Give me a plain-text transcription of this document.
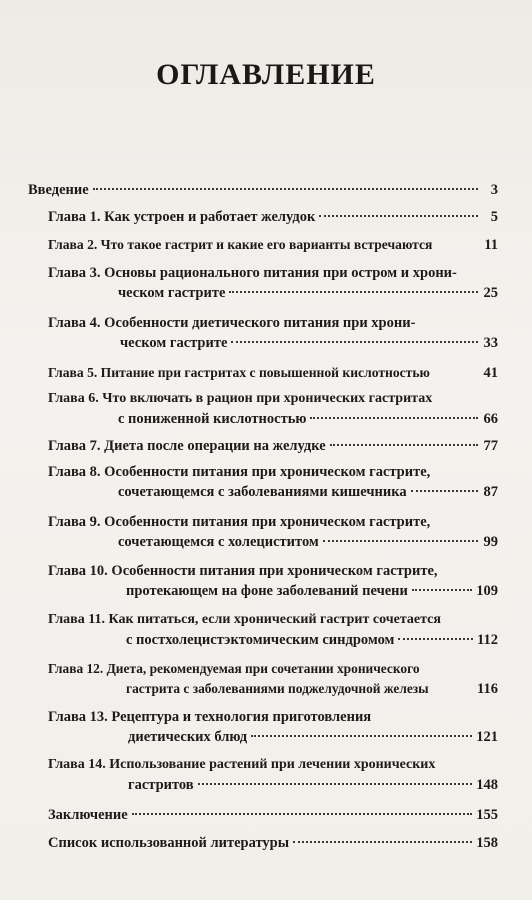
ОГЛАВЛЕНИЕ
Введение	3
Глава 1. Как устроен и работает желудок	5
Глава 2. Что такое гастрит и какие его варианты встречаются	11
Глава 3. Основы рационального питания при остром и хрони-
ческом гастрите	25
Глава 4. Особенности диетического питания при хрони-
ческом гастрите	33
Глава 5. Питание при гастритах с повышенной кислотностью	41
Глава 6. Что включать в рацион при хронических гастритах
с пониженной кислотностью	66
Глава 7. Диета после операции на желудке	77
Глава 8. Особенности питания при хроническом гастрите,
сочетающемся с заболеваниями кишечника	87
Глава 9. Особенности питания при хроническом гастрите,
сочетающемся с холециститом	99
Глава 10. Особенности питания при хроническом гастрите,
протекающем на фоне заболеваний печени	109
Глава 11. Как питаться, если хронический гастрит сочетается
с постхолецистэктомическим синдромом	112
Глава 12. Диета, рекомендуемая при сочетании хронического
гастрита с заболеваниями поджелудочной железы	116
Глава 13. Рецептура и технология приготовления
диетических блюд	121
Глава 14. Использование растений при лечении хронических
гастритов	148
Заключение	155
Список использованной литературы	158
